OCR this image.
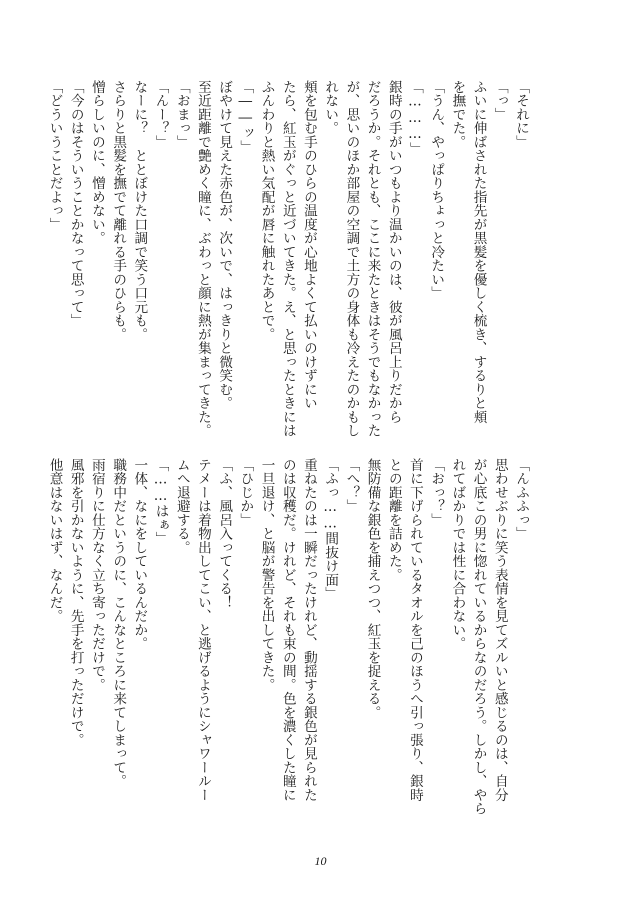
「それに」

「っ」

ふいに伸ばされた指先が黒髪を優しく梳き、するりと頬

を撫でた。

「うん、やっぱりちょっと冷たい」

「………」

銀時の手がいつもより温かいのは、彼が風呂上りだから

だろうか。それとも、ここに来たときはそうでもなかった

が、思いのほか部屋の空調で土方の身体も冷えたのかもし

れない。

頬を包む手のひらの温度が心地よくて払いのけずにい

たら、紅玉がぐっと近づいてきた。え、と思ったときには

ふんわりと熱い気配が唇に触れたあとで。

「――ッ」

ぼやけて見えた赤色が、次いで、はっきりと微笑む。

至近距離で艶めく瞳に、ぶわっと顔に熱が集まってきた。

「おまっ」

「んー？」

なーに？　ととぼけた口調で笑う口元も。

さらりと黒髪を撫でて離れる手のひらも。

憎らしいのに、憎めない。

「今のはそういうことかなって思って」

「どういうことだよっ」

「んふふっ」

思わせぶりに笑う表情を見てズルいと感じるのは、自分

が心底この男に惚れているからなのだろう。しかし、やら

れてばかりでは性に合わない。

「おっ？」

首に下げられているタオルを己のほうへ引っ張り、銀時

との距離を詰めた。

無防備な銀色を捕えつつ、紅玉を捉える。

「へ？」

「ふっ……間抜け面」

重ねたのは一瞬だったけれど、動揺する銀色が見られた

のは収穫だ。けれど、それも束の間。色を濃くした瞳に

一旦退け、と脳が警告を出してきた。

「ひじか」

「ふ、風呂入ってくる！

テメーは着物出してこい、と逃げるようにシャワールー

ムへ退避する。

「……はぁ」

一体、なにをしているんだか。

職務中だというのに、こんなところに来てしまって。

雨宿りに仕方なく立ち寄っただけで。

風邪を引かないように、先手を打っただけで。

他意はないはず、なんだ。

10
